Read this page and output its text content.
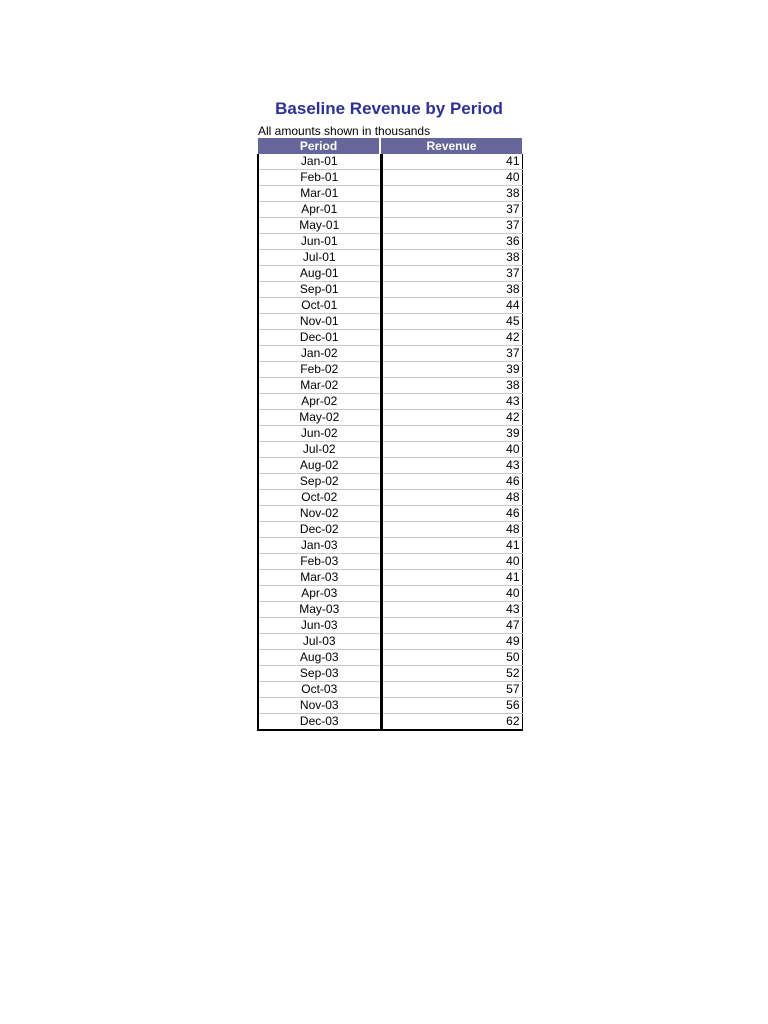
Baseline Revenue by Period
All amounts shown in thousands
Period		Revenue
Jan-01		41
Feb-01		40
Mar-01		38
Apr-01		37
May-01		37
Jun-01		36
Jul-01		38
Aug-01		37
Sep-01		38
Oct-01		44
Nov-01		45
Dec-01		42
Jan-02		37
Feb-02		39
Mar-02		38
Apr-02		43
May-02		42
Jun-02		39
Jul-02		40
Aug-02		43
Sep-02		46
Oct-02		48
Nov-02		46
Dec-02		48
Jan-03		41
Feb-03		40
Mar-03		41
Apr-03		40
May-03		43
Jun-03		47
Jul-03		49
Aug-03		50
Sep-03		52
Oct-03		57
Nov-03		56
Dec-03		62
